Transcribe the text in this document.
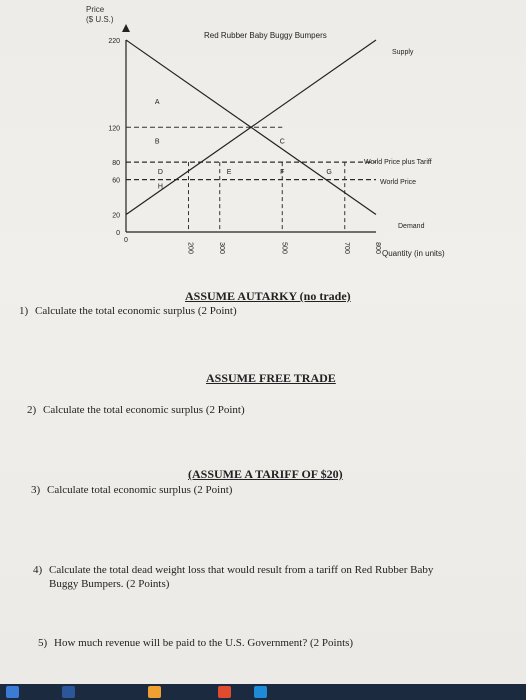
Supply
Demand
World Price plus Tariff
World Price
220
120
80
60
20
0
0
200	300	500	700	800
A
B	C
D	E	F	G
H
Price
($ U.S.)
Red Rubber Baby Buggy Bumpers
Quantity (in units)
ASSUME AUTARKY (no trade)
1) Calculate the total economic surplus (2 Point)
ASSUME FREE TRADE
2) Calculate the total economic surplus (2 Point)
(ASSUME A TARIFF OF $20)
3) Calculate total economic surplus (2 Point)
4) Calculate the total dead weight loss that would result from a tariff on Red Rubber Baby
Buggy Bumpers. (2 Points)
5) How much revenue will be paid to the U.S. Government? (2 Points)
